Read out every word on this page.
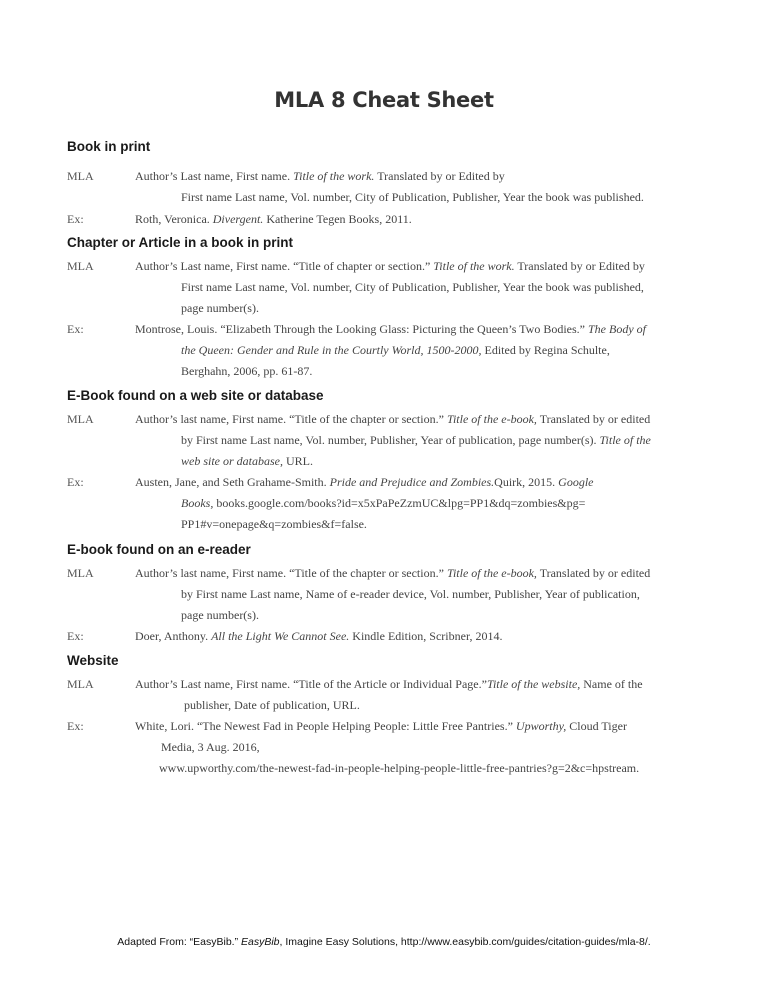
MLA 8 Cheat Sheet
Book in print
MLA	Author’s Last name, First name. Title of the work. Translated by or Edited by
First name Last name, Vol. number, City of Publication, Publisher, Year the book was published.
Ex:	Roth, Veronica. Divergent. Katherine Tegen Books, 2011.
Chapter or Article in a book in print
MLA	Author’s Last name, First name. “Title of chapter or section.” Title of the work. Translated by or Edited by
First name Last name, Vol. number, City of Publication, Publisher, Year the book was published,
page number(s).
Ex:	Montrose, Louis. “Elizabeth Through the Looking Glass: Picturing the Queen’s Two Bodies.” The Body of
the Queen: Gender and Rule in the Courtly World, 1500-2000, Edited by Regina Schulte,
Berghahn, 2006, pp. 61-87.
E-Book found on a web site or database
MLA	Author’s last name, First name. “Title of the chapter or section.” Title of the e-book, Translated by or edited
by First name Last name, Vol. number, Publisher, Year of publication, page number(s). Title of the
web site or database, URL.
Ex:	Austen, Jane, and Seth Grahame-Smith. Pride and Prejudice and Zombies.Quirk, 2015. Google
Books, books.google.com/books?id=x5xPaPeZzmUC&lpg=PP1&dq=zombies&pg=
PP1#v=onepage&q=zombies&f=false.
E-book found on an e-reader
MLA	Author’s last name, First name. “Title of the chapter or section.” Title of the e-book, Translated by or edited
by First name Last name, Name of e-reader device, Vol. number, Publisher, Year of publication,
page number(s).
Ex:	Doer, Anthony. All the Light We Cannot See. Kindle Edition, Scribner, 2014.
Website
MLA	Author’s Last name, First name. “Title of the Article or Individual Page.”Title of the website, Name of the
publisher, Date of publication, URL.
Ex:	White, Lori. “The Newest Fad in People Helping People: Little Free Pantries.” Upworthy, Cloud Tiger
Media, 3 Aug. 2016,
www.upworthy.com/the-newest-fad-in-people-helping-people-little-free-pantries?g=2&c=hpstream.
Adapted From: “EasyBib.” EasyBib, Imagine Easy Solutions, http://www.easybib.com/guides/citation-guides/mla-8/.
